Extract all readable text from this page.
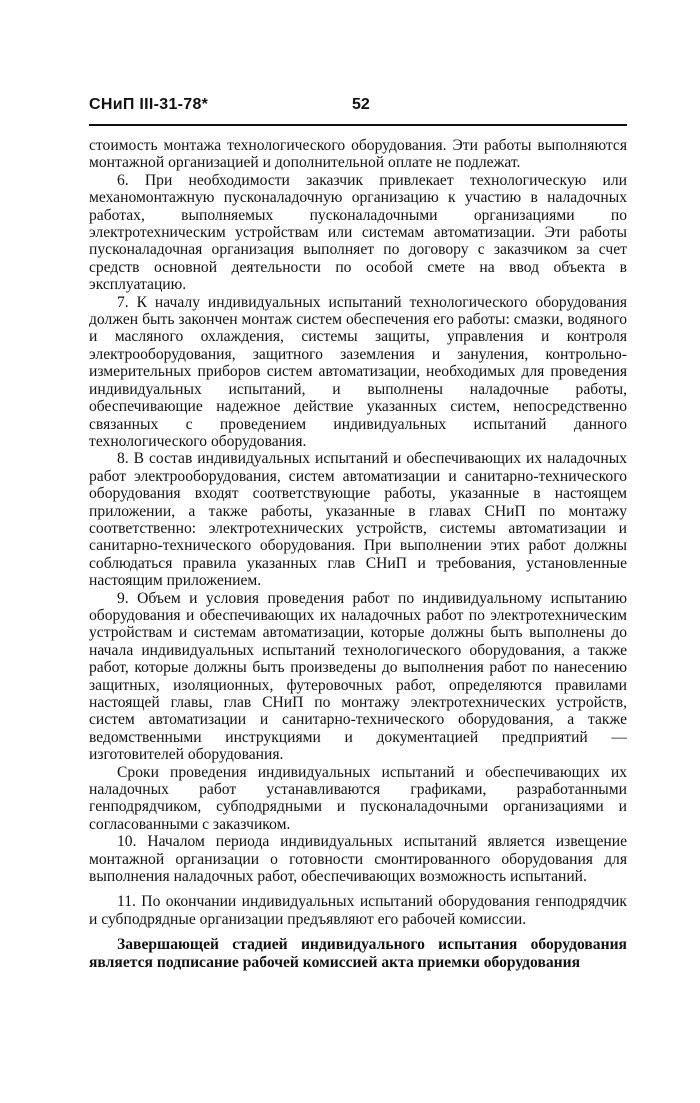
СНиП III-31-78*	52

стоимость монтажа технологического оборудования. Эти работы выполняются монтажной организацией и дополнительной оплате не подлежат.

6. При необходимости заказчик привлекает технологическую или механомонтажную пусконаладочную организацию к участию в наладочных работах, выполняемых пусконаладочными организациями по электротехническим устройствам или системам автоматизации. Эти работы пусконаладочная организация выполняет по договору с заказчиком за счет средств основной деятельности по особой смете на ввод объекта в эксплуатацию.

7. К началу индивидуальных испытаний технологического оборудования должен быть закончен монтаж систем обеспечения его работы: смазки, водяного и масляного охлаждения, системы защиты, управления и контроля электрооборудования, защитного заземления и зануления, контрольно-измерительных приборов систем автоматизации, необходимых для проведения индивидуальных испытаний, и выполнены наладочные работы, обеспечивающие надежное действие указанных систем, непосредственно связанных с проведением индивидуальных испытаний данного технологического оборудования.

8. В состав индивидуальных испытаний и обеспечивающих их наладочных работ электрооборудования, систем автоматизации и санитарно-технического оборудования входят соответствующие работы, указанные в настоящем приложении, а также работы, указанные в главах СНиП по монтажу соответственно: электротехнических устройств, системы автоматизации и санитарно-технического оборудования. При выполнении этих работ должны соблюдаться правила указанных глав СНиП и требования, установленные настоящим приложением.

9. Объем и условия проведения работ по индивидуальному испытанию оборудования и обеспечивающих их наладочных работ по электротехническим устройствам и системам автоматизации, которые должны быть выполнены до начала индивидуальных испытаний технологического оборудования, а также работ, которые должны быть произведены до выполнения работ по нанесению защитных, изоляционных, футеровочных работ, определяются правилами настоящей главы, глав СНиП по монтажу электротехнических устройств, систем автоматизации и санитарно-технического оборудования, а также ведомственными инструкциями и документацией предприятий — изготовителей оборудования.

Сроки проведения индивидуальных испытаний и обеспечивающих их наладочных работ устанавливаются графиками, разработанными генподрядчиком, субподрядными и пусконаладочными организациями и согласованными с заказчиком.

10. Началом периода индивидуальных испытаний является извещение монтажной организации о готовности смонтированного оборудования для выполнения наладочных работ, обеспечивающих возможность испытаний.

11. По окончании индивидуальных испытаний оборудования генподрядчик и субподрядные организации предъявляют его рабочей комиссии.

Завершающей стадией индивидуального испытания оборудования является подписание рабочей комиссией акта приемки оборудования
